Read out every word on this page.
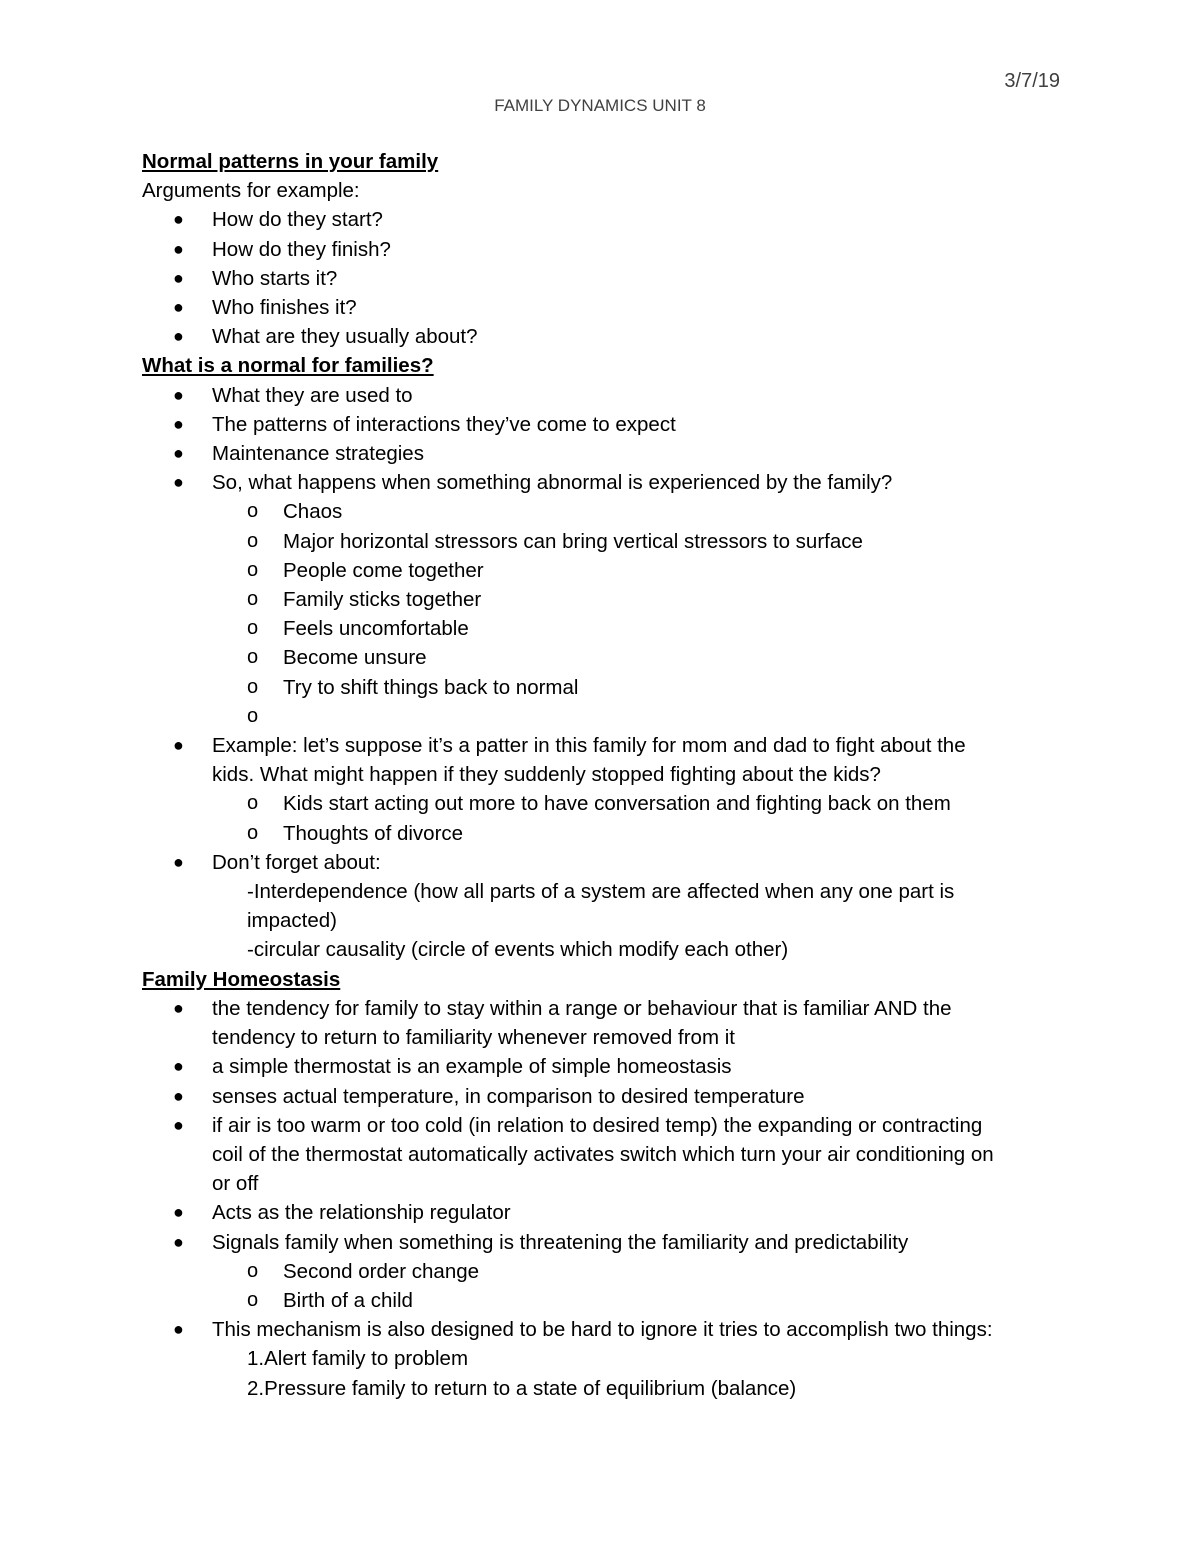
3/7/19
FAMILY DYNAMICS UNIT 8
Normal patterns in your family
Arguments for example:
● How do they start?
● How do they finish?
● Who starts it?
● Who finishes it?
● What are they usually about?
What is a normal for families?
● What they are used to
● The patterns of interactions they’ve come to expect
● Maintenance strategies
● So, what happens when something abnormal is experienced by the family?
o Chaos
o Major horizontal stressors can bring vertical stressors to surface
o People come together
o Family sticks together
o Feels uncomfortable
o Become unsure
o Try to shift things back to normal
o

● Example: let’s suppose it’s a patter in this family for mom and dad to fight about the
kids. What might happen if they suddenly stopped fighting about the kids?
o Kids start acting out more to have conversation and fighting back on them
o Thoughts of divorce
● Don’t forget about:
-Interdependence (how all parts of a system are affected when any one part is
impacted)
-circular causality (circle of events which modify each other)
Family Homeostasis
● the tendency for family to stay within a range or behaviour that is familiar AND the
tendency to return to familiarity whenever removed from it
● a simple thermostat is an example of simple homeostasis
● senses actual temperature, in comparison to desired temperature
● if air is too warm or too cold (in relation to desired temp) the expanding or contracting
coil of the thermostat automatically activates switch which turn your air conditioning on
or off
● Acts as the relationship regulator
● Signals family when something is threatening the familiarity and predictability
o Second order change
o Birth of a child
● This mechanism is also designed to be hard to ignore it tries to accomplish two things:
1.Alert family to problem
2.Pressure family to return to a state of equilibrium (balance)
